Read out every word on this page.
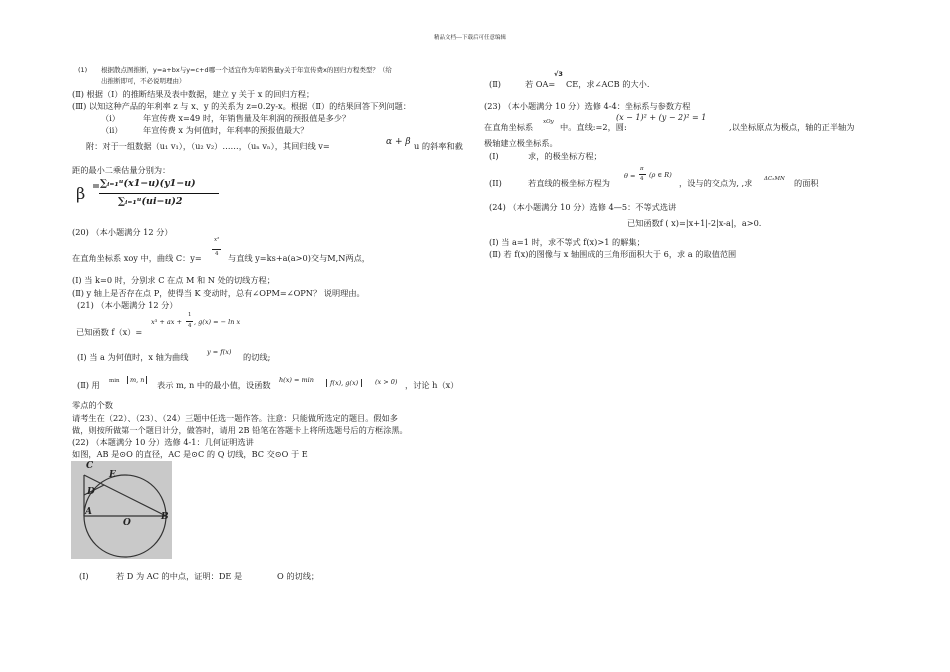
精品文档---下载后可任意编辑
(1) 根据散点图推断，y=a+bx与y=c+d哪一个适宜作为年销售量y关于年宣传费x的回归方程类型？（给
出推断即可，不必说明理由）
(Ⅱ) 根据（Ⅰ）的推断结果及表中数据，建立 y 关于 x 的回归方程；
(Ⅲ) 以知这种产品的年利率 z 与 x、y 的关系为 z=0.2y-x。根据（Ⅱ）的结果回答下列问题：
（i）	年宣传费 x=49 时，年销售量及年利润的预报值是多少？
（ii） 年宣传费 x 为何值时，年利率的预报值最大？
附：对于一组数据（u₁ v₁），（u₂ v₂）……，（uₙ vₙ），其回归线 v=	α + β u 的斜率和截
距的最小二乘估量分别为：
β = ∑ᵢ₌₁ᵘ(x1−u)(y1−u)
∑ᵢ₌₁ᵘ(ui−u)2
(20) （本小题满分 12 分）
x²
4
在直角坐标系 xoy 中，曲线 C：y=	与直线 y=ks+a(a>0)交与M,N两点，
(Ⅰ) 当 k=0 时，分别求 C 在点 M 和 N 处的切线方程；
(Ⅱ) y 轴上是否存在点 P，使得当 K 变动时，总有∠OPM=∠OPN？ 说明理由。
(21) （本小题满分 12 分）
已知函数 f（x）=
x³ + ax +
1
4 , g(x) = − ln x
(Ⅰ) 当 a 为何值时，x 轴为曲线	y = f(x) 的切线;
(Ⅱ) 用 min	m, n	表示 m, n 中的最小值，设函数 h(x) = min	f(x), g(x)	(x > 0) ，讨论 h（x）
零点的个数
请考生在（22）、（23）、（24）三题中任选一题作答。注意：只能做所选定的题目。假如多
做，则按所做第一个题目计分，做答时，请用 2B 铅笔在答题卡上将所选题号后的方框涂黑。
(22) （本题满分 10 分）选修 4-1：几何证明选讲
如图，AB 是⊙O 的直径，AC 是⊙C 的 Q 切线，BC 交⊙O 于 E
C
E
D
A
O
B
(Ⅰ)	若 D 为 AC 的中点，证明：DE 是	O 的切线；
(Ⅱ)	若 OA=
√3
CE，求∠ACB 的大小.
(23) （本小题满分 10 分）选修 4-4：坐标系与参数方程
在直角坐标系 xOy 中。直线:=2，圆:
(x − 1)² + (y − 2)² = 1
,以坐标原点为极点，轴的正半轴为
极轴建立极坐标系。
(I)	求，的极坐标方程；
(II)	若直线的极坐标方程为
θ =
π
4 (ρ ∈ R)
，设与的交点为, ,求 ΔC₂MN 的面积
(24) （本小题满分 10 分）选修 4—5：不等式选讲
已知函数f ( x)=|x+1|-2|x-a|，a>0.
(Ⅰ) 当 a=1 时，求不等式 f(x)>1 的解集；
(Ⅱ) 若 f(x)的图像与 x 轴围成的三角形面积大于 6，求 a 的取值范围
